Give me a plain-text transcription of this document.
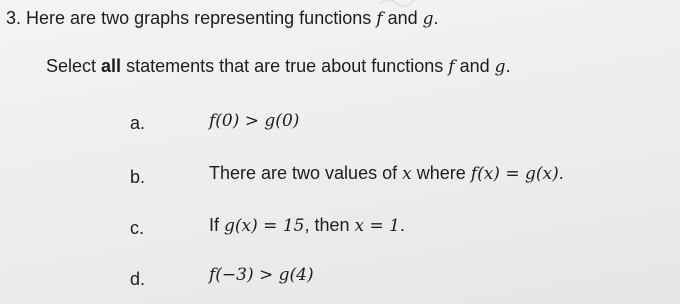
3. Here are two graphs representing functions f and g.
Select all statements that are true about functions f and g.
a.	f(0) > g(0)
b.	There are two values of x where f(x) = g(x).
c.	If g(x) = 15, then x = 1.
d.	f(−3) > g(4)
